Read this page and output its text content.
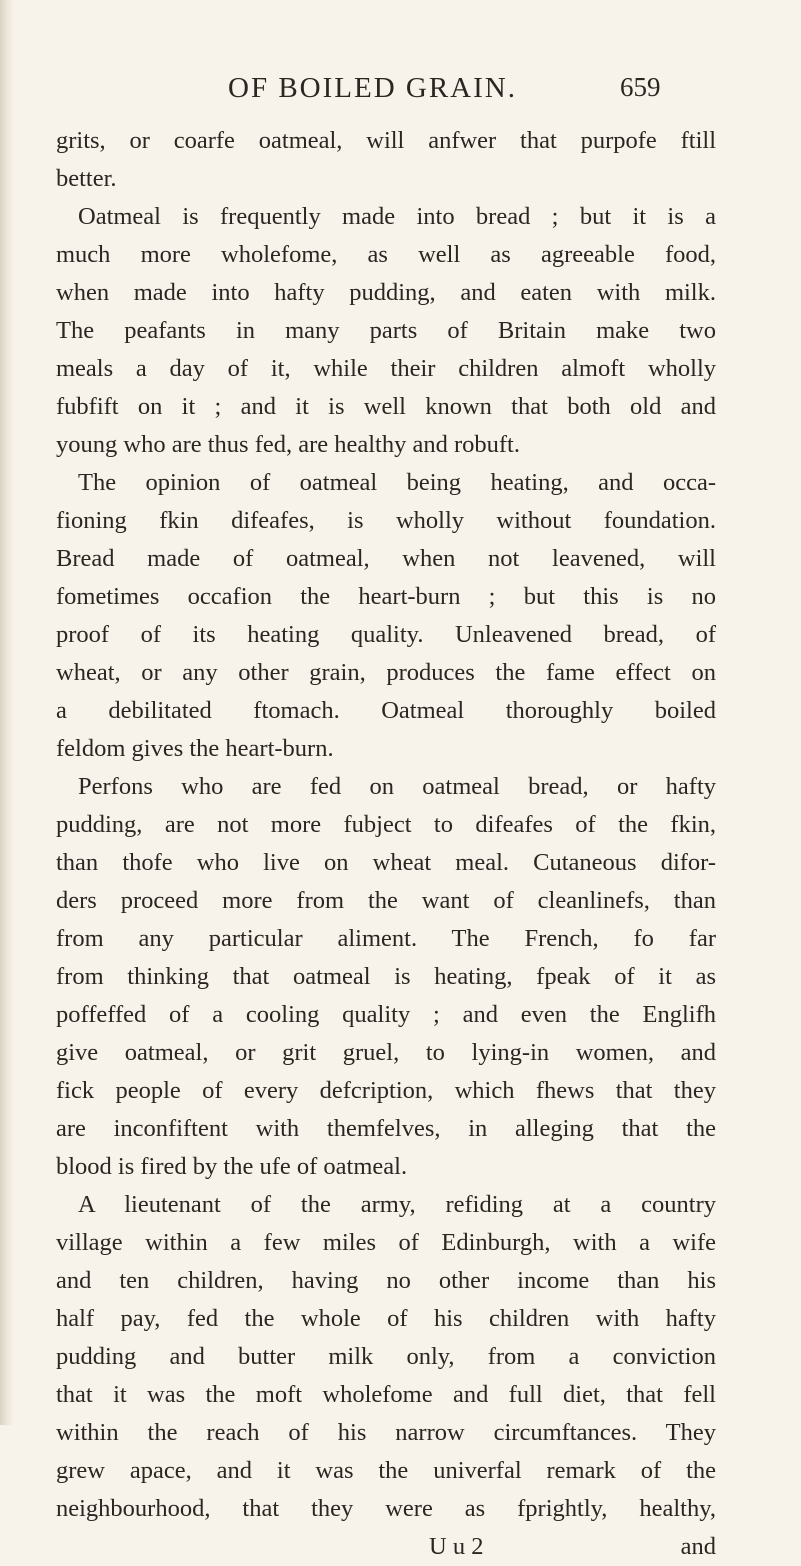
OF BOILED GRAIN.	659
grits, or coarfe oatmeal, will anfwer that purpofe ftill
better.
Oatmeal is frequently made into bread ; but it is a
much more wholefome, as well as agreeable food,
when made into hafty pudding, and eaten with milk.
The peafants in many parts of Britain make two
meals a day of it, while their children almoft wholly
fubfift on it ; and it is well known that both old and
young who are thus fed, are healthy and robuft.
The opinion of oatmeal being heating, and occa-
fioning fkin difeafes, is wholly without foundation.
Bread made of oatmeal, when not leavened, will
fometimes occafion the heart-burn ; but this is no
proof of its heating quality. Unleavened bread, of
wheat, or any other grain, produces the fame effect on
a debilitated ftomach. Oatmeal thoroughly boiled
feldom gives the heart-burn.
Perfons who are fed on oatmeal bread, or hafty
pudding, are not more fubject to difeafes of the fkin,
than thofe who live on wheat meal. Cutaneous difor-
ders proceed more from the want of cleanlinefs, than
from any particular aliment. The French, fo far
from thinking that oatmeal is heating, fpeak of it as
poffeffed of a cooling quality ; and even the Englifh
give oatmeal, or grit gruel, to lying-in women, and
fick people of every defcription, which fhews that they
are inconfiftent with themfelves, in alleging that the
blood is fired by the ufe of oatmeal.
A lieutenant of the army, refiding at a country
village within a few miles of Edinburgh, with a wife
and ten children, having no other income than his
half pay, fed the whole of his children with hafty
pudding and butter milk only, from a conviction
that it was the moft wholefome and full diet, that fell
within the reach of his narrow circumftances. They
grew apace, and it was the univerfal remark of the
neighbourhood, that they were as fprightly, healthy,
U u 2	and
